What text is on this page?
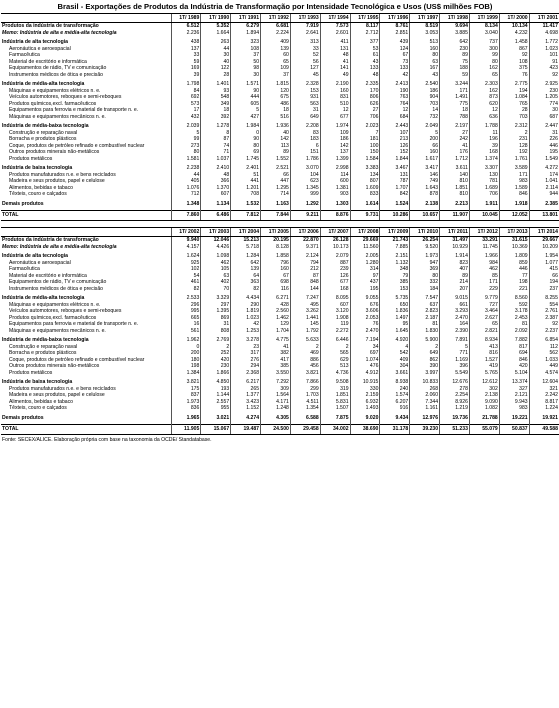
Brasil - Exportações de Produtos da Indústria de Transformação por Intensidade Tecnológica e Usos (US$ milhões FOB)
	1T/ 1989	1T/ 1990	1T/ 1991	1T/ 1992	1T/ 1993	1T/ 1994	1T/ 1995	1T/ 1996	1T/ 1997	1T/ 1998	1T/ 1999	1T/ 2000	1T/ 2001
Produtos da indústria de transformação	6.512	5.352	6.279	6.681	7.919	7.573	8.117	8.761	8.519	9.694	8.134	10.134	11.417
Memo: Indústria de alta e média-alta tecnologia	2.236	1.664	1.894	2.224	2.641	2.601	2.712	2.851	3.053	3.885	3.040	4.232	4.698

Indústria de alta tecnologia	438	263	323	409	313	411	377	439	513	642	737	1.458	1.772
Aeronáutica e aeroespacial	137	44	108	139	33	131	53	124	160	230	300	867	1.023
Farmacêutica	33	30	37	60	52	48	61	67	80	89	99	92	101
Material de escritório e informática	59	40	50	65	56	41	43	73	63	75	80	108	91
Equipamentos de rádio, TV e comunicação	169	122	98	109	127	141	133	133	167	188	162	375	423
Instrumentos médicos de ótica e precisão	39	28	30	37	45	49	48	42	43	59	65	76	92

Indústria de média-alta tecnologia	1.798	1.401	1.571	1.815	2.328	2.190	2.335	2.413	2.540	3.244	2.303	2.775	2.925
Máquinas e equipamentos elétricos n. e.	84	93	90	120	153	160	170	190	186	171	162	194	230
Veículos automotores, reboques e semi-reboques	692	548	444	675	931	831	806	763	904	1.491	873	1.084	1.205
Produtos químicos,excl. farmacêuticos	573	349	605	486	563	510	626	764	703	775	620	765	774
Equipamentos para ferrovia e material de transporte n. e.	17	18	5	18	31	12	27	12	14	18	12	28	30
Máquinas e equipamentos mecânicos n. e.	432	392	427	516	649	677	706	684	732	788	636	703	687

Indústria de média-baixa tecnologia	2.039	1.278	1.984	1.936	2.208	1.974	2.023	2.443	2.049	2.197	1.788	2.312	2.447
Construção e reparação naval	5	8	0	40	83	109	7	107	5	27	11	2	31
Borracha e produtos plásticos	99	87	90	142	183	186	181	213	200	242	196	231	226
Coque, produtos de petróleo refinado e combustível nuclear	273	74	80	113	6	142	100	126	66	41	39	128	446
Outros produtos minerais não-metálicos	80	71	69	89	151	137	150	152	160	176	168	192	195
Produtos metálicos	1.581	1.037	1.745	1.552	1.786	1.399	1.584	1.844	1.617	1.712	1.374	1.761	1.549

Indústria de baixa tecnologia	2.238	2.410	2.401	2.521	3.070	2.998	3.383	3.467	3.417	3.611	3.307	3.589	4.272
Produtos manufaturados n.e. e bens reciclados	44	48	51	66	104	114	134	131	146	140	130	171	174
Madeira e seus produtos, papel e celulose	405	366	441	447	623	600	807	787	749	810	781	983	1.041
Alimentos, bebidas e tabaco	1.076	1.370	1.201	1.295	1.345	1.381	1.609	1.707	1.643	1.851	1.689	1.589	2.114
Têxteis, couro e calçados	712	607	708	714	999	903	833	842	878	810	706	846	944

Demais produtos	1.348	1.134	1.532	1.163	1.292	1.303	1.614	1.524	2.138	2.213	1.911	1.918	2.385

TOTAL	7.860	6.486	7.812	7.844	9.211	8.876	9.731	10.286	10.657	11.907	10.045	12.052	13.801
	1T/ 2002	1T/ 2003	1T/ 2004	1T/ 2005	1T/ 2006	1T/ 2007	1T/ 2008	1T/ 2009	1T/ 2010	1T/ 2011	1T/ 2012	1T/ 2013	1T/ 2014
Produtos da indústria de transformação	9.940	12.046	15.213	20.195	22.870	26.128	29.669	21.743	26.254	31.497	33.291	31.615	29.667
Memo: Indústria de alta e média-alta tecnologia	4.157	4.426	5.718	8.128	9.371	10.173	11.560	7.885	9.520	10.929	11.745	10.369	10.209

Indústria de alta tecnologia	1.624	1.098	1.284	1.858	2.124	2.079	2.005	2.151	1.973	1.914	1.966	1.809	1.954
Aeronáutica e aeroespacial	925	462	642	796	794	887	1.280	1.132	947	823	984	859	1.077
Farmacêutica	102	105	139	160	212	239	314	348	369	407	462	446	415
Material de escritório e informática	54	63	64	67	87	126	97	79	80	89	85	77	66
Equipamentos de rádio, TV e comunicação	461	402	363	698	848	677	437	385	332	214	171	198	194
Instrumentos médicos de ótica e precisão	82	70	82	116	144	168	195	153	184	207	229	221	237

Indústria de média-alta tecnologia	2.533	3.329	4.434	6.271	7.247	8.095	9.055	5.735	7.547	9.015	9.779	8.560	8.255
Máquinas e equipamentos elétricos n. e.	296	297	290	428	495	607	676	650	637	661	727	592	554
Veículos automotores, reboques e semi-reboques	995	1.395	1.819	2.560	3.262	3.120	3.606	1.836	2.823	3.293	3.464	3.178	2.761
Produtos químicos,excl. farmacêuticos	665	869	1.023	1.462	1.441	1.908	2.053	1.497	2.187	2.470	2.627	2.453	2.387
Equipamentos para ferrovia e material de transporte n. e.	16	31	42	129	145	119	76	95	81	164	65	81	92
Máquinas e equipamentos mecânicos n. e.	561	808	1.253	1.704	1.792	2.272	2.470	1.645	1.830	2.390	2.821	2.092	2.237

Indústria de média-baixa tecnologia	1.962	2.769	3.278	4.775	5.633	6.446	7.194	4.920	5.900	7.891	8.934	7.882	6.854
Construção e reparação naval	0	2	23	41	2	2	34	4	2	5	413	817	112
Borracha e produtos plásticos	200	252	317	382	469	565	697	542	649	771	816	694	562
Coque, produtos de petróleo refinado e combustível nuclear	180	420	276	417	886	629	1.074	409	862	1.169	1.527	846	1.033
Outros produtos minerais não-metálicos	198	230	294	385	456	513	476	304	390	396	419	420	449
Produtos metálicos	1.384	1.866	2.368	3.550	3.821	4.736	4.912	3.661	3.997	5.549	5.765	5.104	4.574

Indústria de baixa tecnologia	3.821	4.850	6.217	7.292	7.866	9.508	10.915	8.938	10.833	12.676	12.612	13.374	12.604
Produtos manufaturados n.e. e bens reciclados	175	193	265	309	299	319	330	240	268	278	302	327	321
Madeira e seus produtos, papel e celulose	837	1.144	1.377	1.564	1.703	1.851	2.159	1.574	2.060	2.254	2.138	2.121	2.242
Alimentos, bebidas e tabaco	1.973	2.557	3.423	4.171	4.511	5.831	6.932	6.207	7.344	8.926	9.090	9.943	8.817
Têxteis, couro e calçados	836	955	1.152	1.248	1.354	1.507	1.493	916	1.161	1.219	1.082	983	1.224

Demais produtos	1.965	3.021	4.274	4.305	6.588	7.875	9.020	9.434	12.976	19.736	21.788	19.221	19.921

TOTAL	11.905	15.067	19.487	24.500	29.458	34.002	38.690	31.178	39.230	51.233	55.079	50.837	49.588
Fonte: SECEX/ALICE. Elaboração própria com base na taxonomia da OCDE/ Standatabase.
